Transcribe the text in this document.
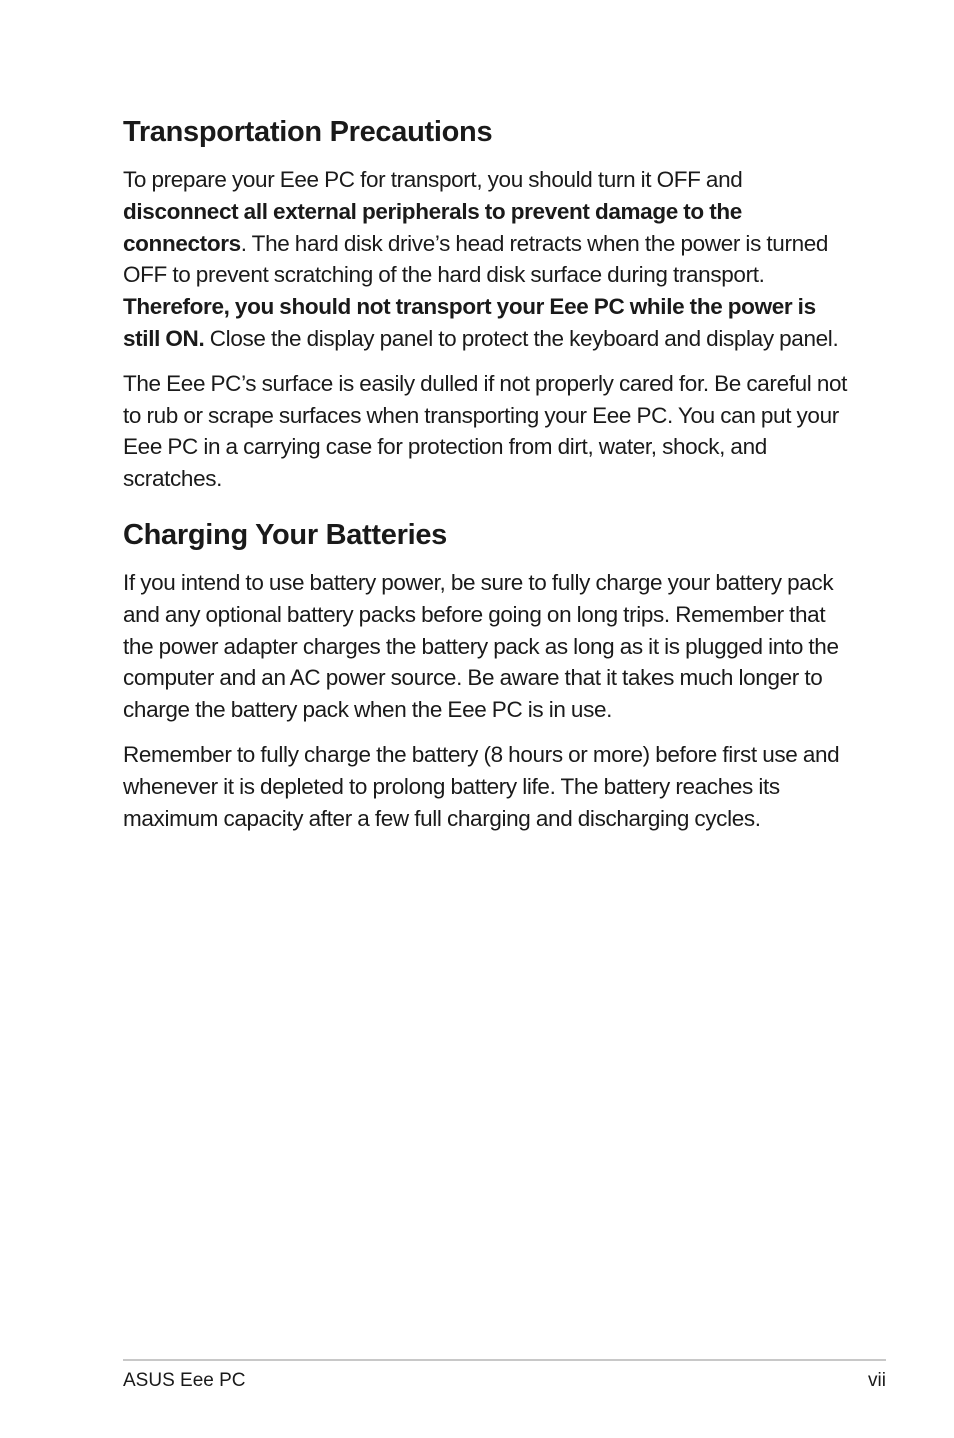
Transportation Precautions

To prepare your Eee PC for transport, you should turn it OFF and disconnect all external peripherals to prevent damage to the connectors. The hard disk drive’s head retracts when the power is turned OFF to prevent scratching of the hard disk surface during transport. Therefore, you should not transport your Eee PC while the power is still ON. Close the display panel to protect the keyboard and display panel.

The Eee PC’s surface is easily dulled if not properly cared for. Be careful not to rub or scrape surfaces when transporting your Eee PC. You can put your Eee PC in a carrying case for protection from dirt, water, shock, and scratches.

Charging Your Batteries

If you intend to use battery power, be sure to fully charge your battery pack and any optional battery packs before going on long trips. Remember that the power adapter charges the battery pack as long as it is plugged into the computer and an AC power source. Be aware that it takes much longer to charge the battery pack when the Eee PC is in use.

Remember to fully charge the battery (8 hours or more) before first use and whenever it is depleted to prolong battery life. The battery reaches its maximum capacity after a few full charging and discharging cycles.

ASUS Eee PC	vii
